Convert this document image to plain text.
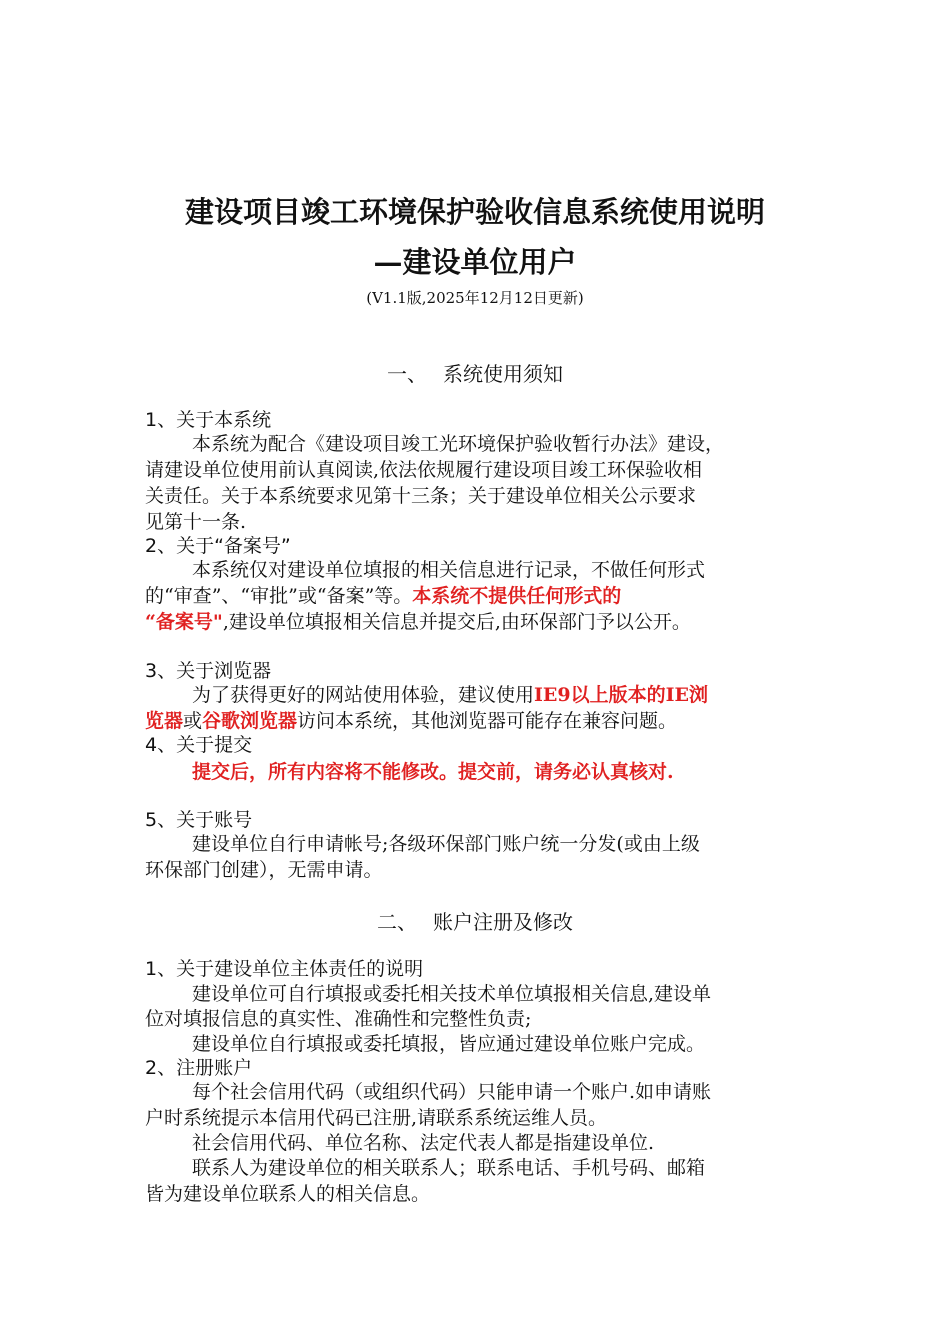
建设项目竣工环境保护验收信息系统使用说明
—建设单位用户
(V1.1版,2025年12月12日更新)
一、 系统使用须知
1、关于本系统
本系统为配合《建设项目竣工光环境保护验收暂行办法》建设，
请建设单位使用前认真阅读,依法依规履行建设项目竣工环保验收相
关责任。关于本系统要求见第十三条；关于建设单位相关公示要求
见第十一条.
2、关于“备案号”
本系统仅对建设单位填报的相关信息进行记录，不做任何形式
的“审查”、“审批”或“备案”等。本系统不提供任何形式的
“备案号",建设单位填报相关信息并提交后,由环保部门予以公开。
3、关于浏览器
为了获得更好的网站使用体验，建议使用IE9以上版本的IE浏
览器或谷歌浏览器访问本系统，其他浏览器可能存在兼容问题。
4、关于提交
提交后，所有内容将不能修改。提交前，请务必认真核对.
5、关于账号
建设单位自行申请帐号;各级环保部门账户统一分发(或由上级
环保部门创建），无需申请。
二、 账户注册及修改
1、关于建设单位主体责任的说明
建设单位可自行填报或委托相关技术单位填报相关信息,建设单
位对填报信息的真实性、准确性和完整性负责;
建设单位自行填报或委托填报，皆应通过建设单位账户完成。
2、注册账户
每个社会信用代码（或组织代码）只能申请一个账户.如申请账
户时系统提示本信用代码已注册,请联系系统运维人员。
社会信用代码、单位名称、法定代表人都是指建设单位.
联系人为建设单位的相关联系人；联系电话、手机号码、邮箱
皆为建设单位联系人的相关信息。
